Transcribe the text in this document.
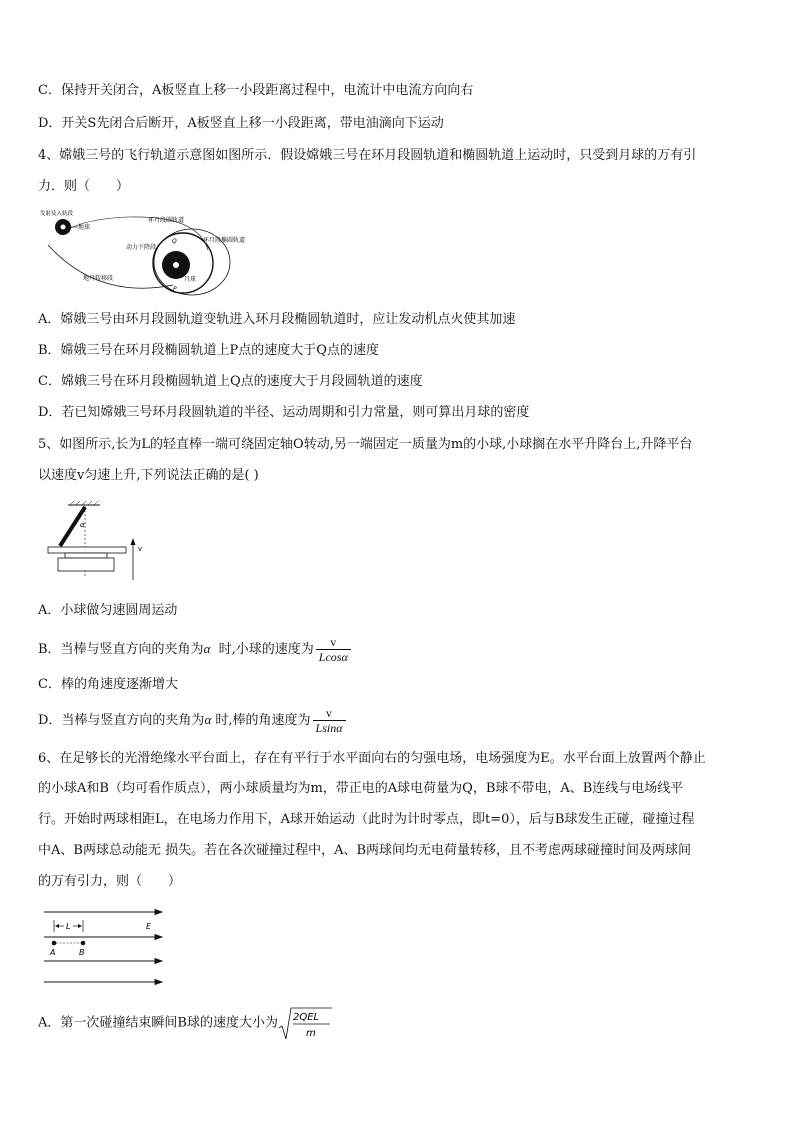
C．保持开关闭合，A板竖直上移一小段距离过程中，电流计中电流方向向右
D．开关S先闭合后断开，A板竖直上移一小段距离，带电油滴向下运动
4、嫦娥三号的飞行轨道示意图如图所示．假设嫦娥三号在环月段圆轨道和椭圆轨道上运动时，只受到月球的万有引
力．则（　　）
地球
发射及入轨段
环月段圆轨道
环月段椭圆轨道
动力下降段
地月转移段	月球
Q
P
A．嫦娥三号由环月段圆轨道变轨进入环月段椭圆轨道时，应让发动机点火使其加速
B．嫦娥三号在环月段椭圆轨道上P点的速度大于Q点的速度
C．嫦娥三号在环月段椭圆轨道上Q点的速度大于月段圆轨道的速度
D．若已知嫦娥三号环月段圆轨道的半径、运动周期和引力常量，则可算出月球的密度
5、如图所示,长为L的轻直棒一端可绕固定轴O转动,另一端固定一质量为m的小球,小球搁在水平升降台上,升降平台
以速度v匀速上升,下列说法正确的是( )
α
v
A．小球做匀速圆周运动
B．当棒与竖直方向的夹角为α 时,小球的速度为 $\frac{v}{Lcos\alpha}$
C．棒的角速度逐渐增大
D．当棒与竖直方向的夹角为α 时,棒的角速度为 $\frac{v}{Lsin\alpha}$
6、在足够长的光滑绝缘水平台面上，存在有平行于水平面向右的匀强电场，电场强度为E。水平台面上放置两个静止
的小球A和B（均可看作质点），两小球质量均为m，带正电的A球电荷量为Q，B球不带电，A、B连线与电场线平
行。开始时两球相距L，在电场力作用下，A球开始运动（此时为计时零点，即t=0），后与B球发生正碰，碰撞过程
中A、B两球总动能无 损失。若在各次碰撞过程中，A、B两球间均无电荷量转移，且不考虑两球碰撞时间及两球间
的万有引力，则（　　）
L	E
A	B
A．第一次碰撞结束瞬间B球的速度大小为 2QEL
m
